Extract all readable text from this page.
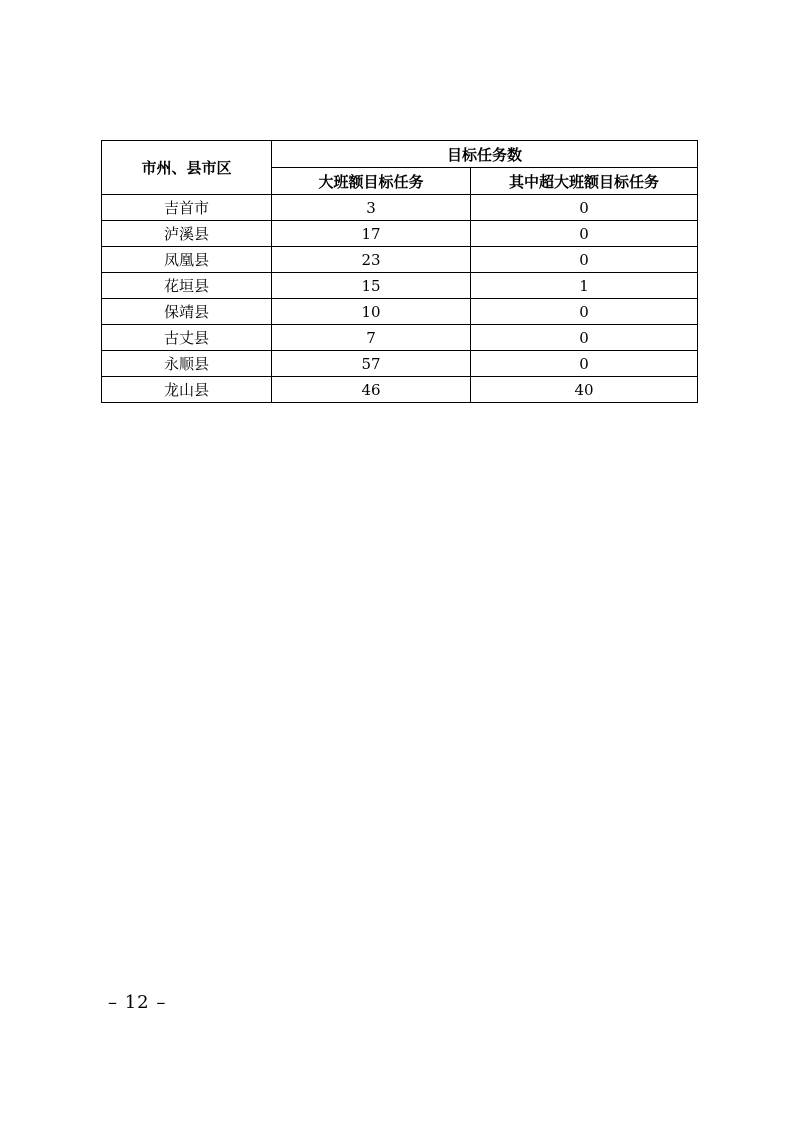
市州、县市区	目标任务数	
	大班额目标任务	其中超大班额目标任务
吉首市	3	0
泸溪县	17	0
凤凰县	23	0
花垣县	15	1
保靖县	10	0
古丈县	7	0
永顺县	57	0
龙山县	46	40
– 12 –
